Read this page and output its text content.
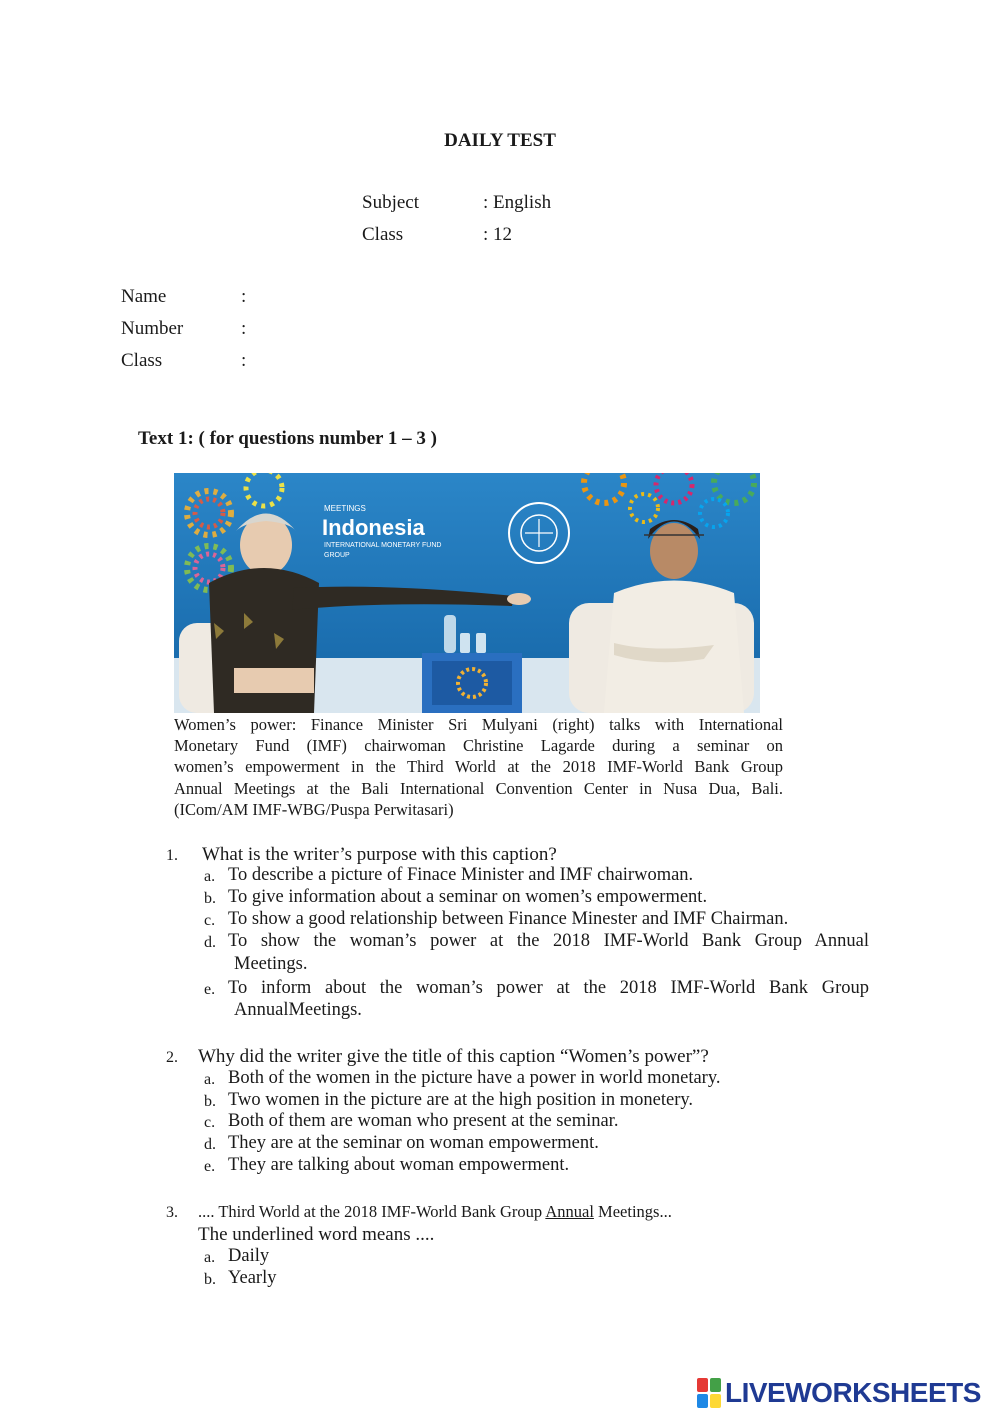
DAILY TEST
Subject	: English
Class	: 12
Name	:
Number	:
Class	:
Text 1: ( for questions number 1 – 3 )
MEETINGS
Indonesia
INTERNATIONAL MONETARY FUND
GROUP
Women’s power: Finance Minister Sri Mulyani (right) talks with International
Monetary Fund (IMF) chairwoman Christine Lagarde during a seminar on
women’s empowerment in the Third World at the 2018 IMF-World Bank Group
Annual Meetings at the Bali International Convention Center in Nusa Dua, Bali.
(ICom/AM IMF-WBG/Puspa Perwitasari)
1. What is the writer’s purpose with this caption?
a. To describe a picture of Finace Minister and IMF chairwoman.
b. To give information about a seminar on women’s empowerment.
c. To show a good relationship between Finance Minester and IMF Chairman.
d. To show the woman’s power at the 2018 IMF-World Bank Group Annual
Meetings.
e. To inform about the woman’s power at the 2018 IMF-World Bank Group
AnnualMeetings.
2. Why did the writer give the title of this caption “Women’s power”?
a. Both of the women in the picture have a power in world monetary.
b. Two women in the picture are at the high position in monetery.
c. Both of them are woman who present at the seminar.
d. They are at the seminar on woman empowerment.
e. They are talking about woman empowerment.
3. .... Third World at the 2018 IMF-World Bank Group Annual Meetings...
The underlined word means ....
a. Daily
b. Yearly
LIVEWORKSHEETS
